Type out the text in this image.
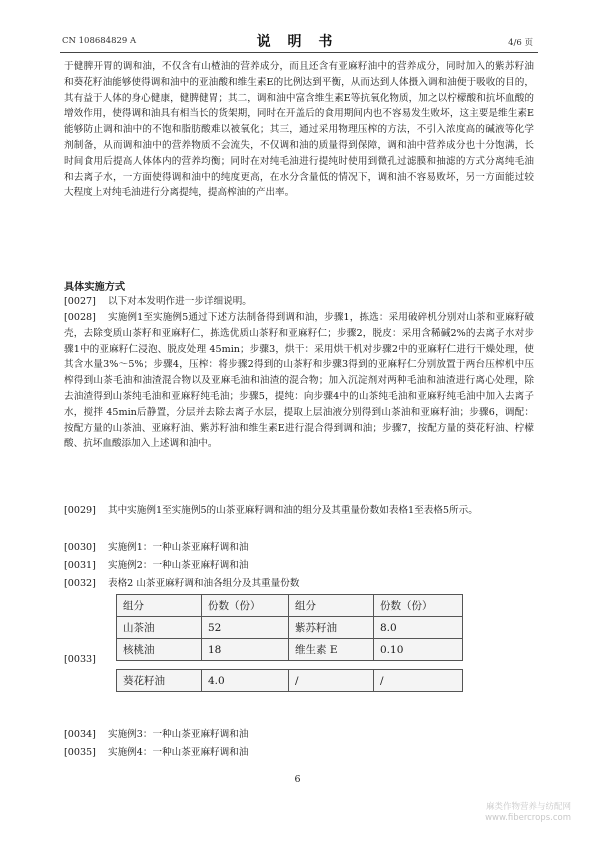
CN 108684829 A	说 明 书	4/6 页
于健脾开胃的调和油，不仅含有山楂油的营养成分，而且还含有亚麻籽油中的营养成分，同时加入的紫苏籽油和葵花籽油能够使得调和油中的亚油酸和维生素E的比例达到平衡，从而达到人体摄入调和油便于吸收的目的，其有益于人体的身心健康，健脾健胃；其二，调和油中富含维生素E等抗氧化物质，加之以柠檬酸和抗坏血酸的增效作用，使得调和油具有相当长的货架期，同时在开盖后的食用期间内也不容易发生败坏，这主要是维生素E能够防止调和油中的不饱和脂肪酸难以被氧化；其三，通过采用物理压榨的方法，不引入浓度高的碱液等化学剂制备，从而调和油中的营养物质不会流失，不仅调和油的质量得到保障，调和油中营养成分也十分饱满，长时间食用后提高人体体内的营养均衡；同时在对纯毛油进行提纯时使用到微孔过滤膜和抽滤的方式分离纯毛油和去离子水，一方面使得调和油中的纯度更高，在水分含量低的情况下，调和油不容易败坏，另一方面能过较大程度上对纯毛油进行分离提纯，提高榨油的产出率。
具体实施方式
[0027] 以下对本发明作进一步详细说明。
[0028]	实施例1至实施例5通过下述方法制备得到调和油，步骤1，拣选：采用破碎机分别对山茶和亚麻籽破壳，去除变质山茶籽和亚麻籽仁，拣选优质山茶籽和亚麻籽仁；步骤2，脱皮：采用含稀碱2%的去离子水对步骤1中的亚麻籽仁浸泡、脱皮处理 45min；步骤3，烘干：采用烘干机对步骤2中的亚麻籽仁进行干燥处理，使其含水量3%～5%；步骤4，压榨：将步骤2得到的山茶籽和步骤3得到的亚麻籽仁分别放置于两台压榨机中压榨得到山茶毛油和油渣混合物以及亚麻毛油和油渣的混合物；加入沉淀剂对两种毛油和油渣进行离心处理，除去油渣得到山茶纯毛油和亚麻籽纯毛油；步骤5，提纯：向步骤4中的山茶纯毛油和亚麻籽纯毛油中加入去离子水，搅拌 45min后静置，分层并去除去离子水层，提取上层油液分别得到山茶油和亚麻籽油；步骤6，调配：按配方量的山茶油、亚麻籽油、紫苏籽油和维生素E进行混合得到调和油；步骤7，按配方量的葵花籽油、柠檬酸、抗坏血酸添加入上述调和油中。
[0029]	其中实施例1至实施例5的山茶亚麻籽调和油的组分及其重量份数如表格1至表格5所示。
[0030] 实施例1：一种山茶亚麻籽调和油
[0031] 实施例2：一种山茶亚麻籽调和油
[0032] 表格2 山茶亚麻籽调和油各组分及其重量份数
[0033]
组分	份数（份）	组分	份数（份）
山茶油	52	紫苏籽油	8.0
核桃油	18	维生素 E	0.10

葵花籽油	4.0	/	/
[0034] 实施例3：一种山茶亚麻籽调和油
[0035] 实施例4：一种山茶亚麻籽调和油
6
麻类作物营养与纺配网
www.fibercrops.com
